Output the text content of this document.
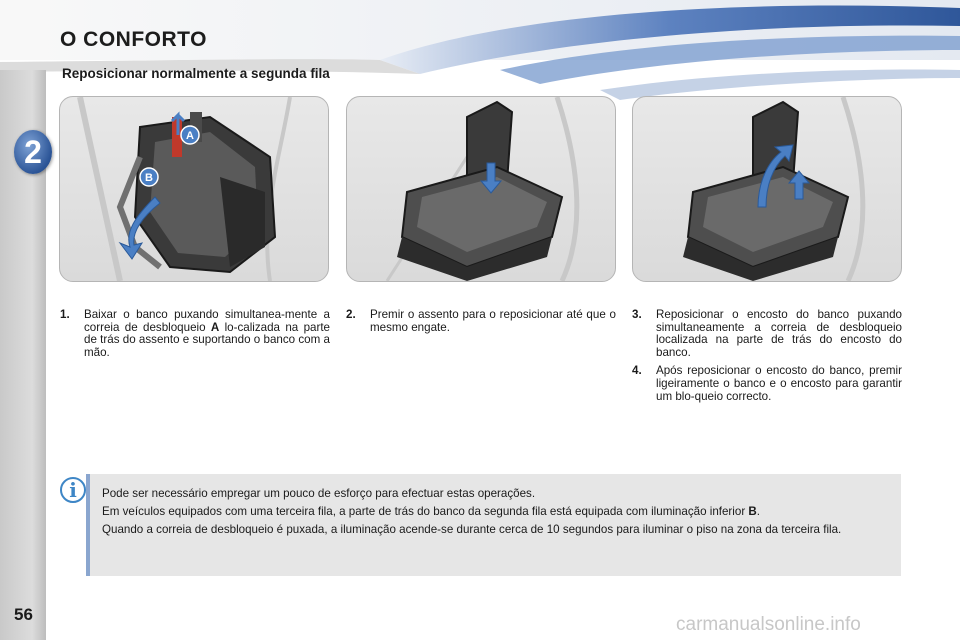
2
O CONFORTO
Reposicionar normalmente a segunda fila
A
B
1. Baixar o banco puxando simultanea-mente a correia de desbloqueio A lo-calizada na parte de trás do assento e suportando o banco com a mão.
2. Premir o assento para o reposicionar até que o mesmo engate.
3. Reposicionar o encosto do banco puxando simultaneamente a correia de desbloqueio localizada na parte de trás do encosto do banco.
4. Após reposicionar o encosto do banco, premir ligeiramente o banco e o encosto para garantir um blo-queio correcto.
i	Pode ser necessário empregar um pouco de esforço para efectuar estas operações.

Em veículos equipados com uma terceira fila, a parte de trás do banco da segunda fila está equipada com iluminação inferior B.

Quando a correia de desbloqueio é puxada, a iluminação acende-se durante cerca de 10 segundos para iluminar o piso na zona da terceira fila.

56	carmanualsonline.info
